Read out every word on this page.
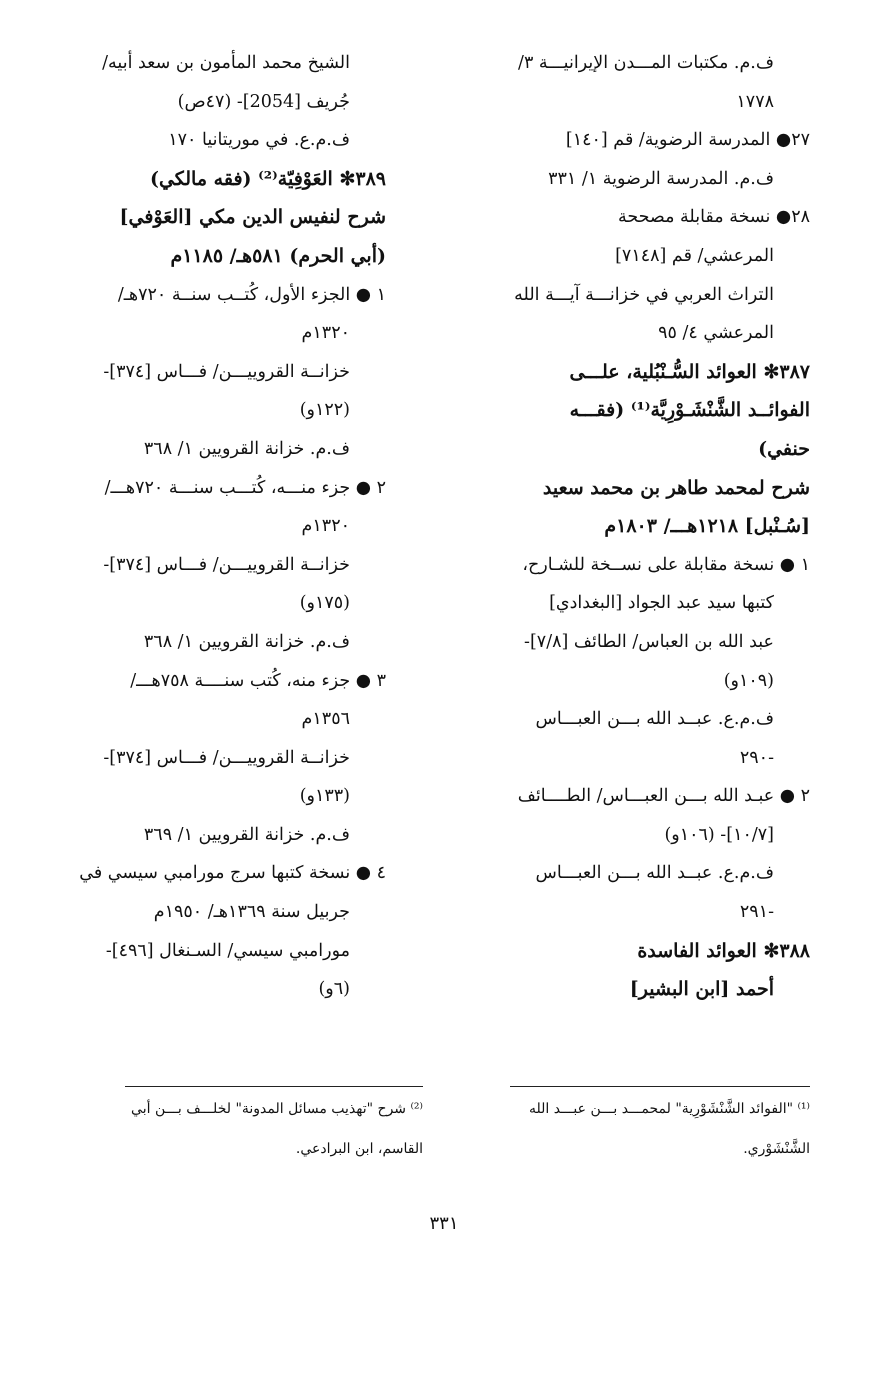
ف.م. مكتبات المـــدن الإيرانيـــة ٣/
١٧٧٨
٢٧● المدرسة الرضوية/ قم [١٤٠]
ف.م. المدرسة الرضوية ١/ ٣٣١
٢٨● نسخة مقابلة مصححة
المرعشي/ قم [٧١٤٨]
التراث العربي في خزانـــة آيـــة الله
المرعشي ٤/ ٩٥
٣٨٧✻ العوائد السُّـنْبُلية، علـــى
الفوائــد الشَّنْشَـوْرِيَّة⁽¹⁾ (فقـــه
حنفي)
شرح لمحمد طاهر بن محمد سعيد
[سُـنْبل] ١٢١٨هـــ/ ١٨٠٣م
١ ● نسخة مقابلة على نســخة للشـارح،
كتبها سيد عبد الجواد [البغدادي]
عبد الله بن العباس/ الطائف [٧/٨]-
(١٠٩و)
ف.م.ع. عبــد الله بـــن العبـــاس
-٢٩٠
٢ ● عبـد الله بـــن العبـــاس/ الطــــائف
[١٠/٧]- (١٠٦و)
ف.م.ع. عبــد الله بـــن العبـــاس
-٢٩١
٣٨٨✻ العوائد الفاسدة
أحمد [ابن البشير]
الشيخ محمد المأمون بن سعد أبيه/
جُريف [2054]- (٤٧ص)
ف.م.ع. في موريتانيا ١٧٠
٣٨٩✻ العَوْفِيّة⁽²⁾ (فقه مالكي)
شرح لنفيس الدين مكي [العَوْفي]
(أبي الحرم) ٥٨١هـ/ ١١٨٥م
١ ● الجزء الأول، كُتــب سنــة ٧٢٠هـ/
١٣٢٠م
خزانــة القروييـــن/ فـــاس [٣٧٤]-
(١٢٢و)
ف.م. خزانة القرويين ١/ ٣٦٨
٢ ● جزء منـــه، كُتـــب سنـــة ٧٢٠هـــ/
١٣٢٠م
خزانــة القروييـــن/ فـــاس [٣٧٤]-
(١٧٥و)
ف.م. خزانة القرويين ١/ ٣٦٨
٣ ● جزء منه، كُتب سنــــة ٧٥٨هـــ/
١٣٥٦م
خزانــة القروييـــن/ فـــاس [٣٧٤]-
(١٣٣و)
ف.م. خزانة القرويين ١/ ٣٦٩
٤ ● نسخة كتبها سرج مورامبي سيسي في
جربيل سنة ١٣٦٩هـ/ ١٩٥٠م
مورامبي سيسي/ السـنغال [٤٩٦]-
(٦و)
⁽¹⁾ "الفوائد الشَّنْشَوْرِية" لمحمـــد بـــن عبـــد الله
الشَّنْشَوْري.
⁽²⁾ شرح "تهذيب مسائل المدونة" لخلـــف بـــن أبي
القاسم، ابن البرادعي.
٣٣١
